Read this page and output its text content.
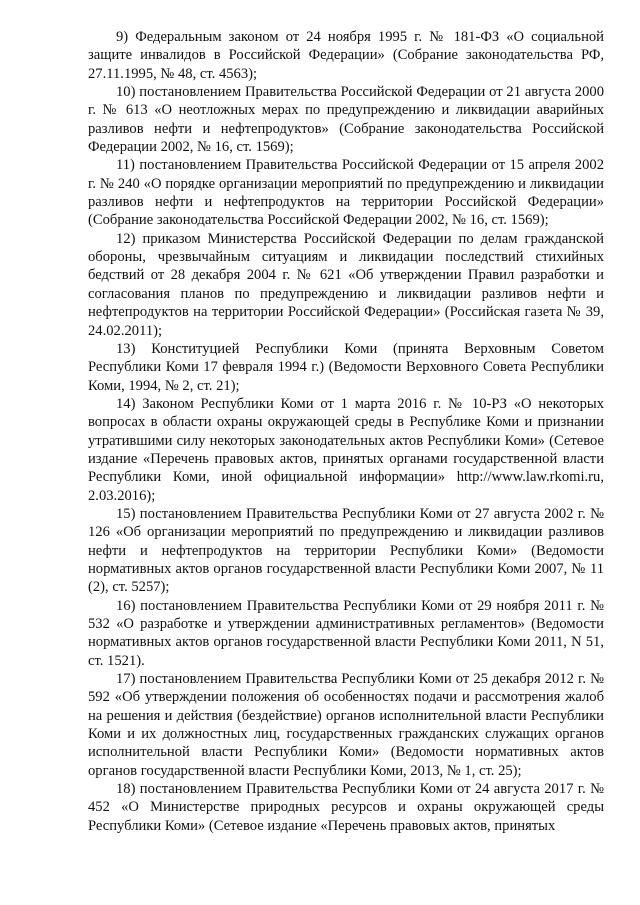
9) Федеральным законом от 24 ноября 1995 г. № 181-ФЗ «О социальной защите инвалидов в Российской Федерации» (Собрание законодательства РФ, 27.11.1995, № 48, ст. 4563);

10) постановлением Правительства Российской Федерации от 21 августа 2000 г. № 613 «О неотложных мерах по предупреждению и ликвидации аварийных разливов нефти и нефтепродуктов» (Собрание законодательства Российской Федерации 2002, № 16, ст. 1569);

11) постановлением Правительства Российской Федерации от 15 апреля 2002 г. № 240 «О порядке организации мероприятий по предупреждению и ликвидации разливов нефти и нефтепродуктов на территории Российской Федерации» (Собрание законодательства Российской Федерации 2002, № 16, ст. 1569);

12) приказом Министерства Российской Федерации по делам гражданской обороны, чрезвычайным ситуациям и ликвидации последствий стихийных бедствий от 28 декабря 2004 г. № 621 «Об утверждении Правил разработки и согласования планов по предупреждению и ликвидации разливов нефти и нефтепродуктов на территории Российской Федерации» (Российская газета № 39, 24.02.2011);

13) Конституцией Республики Коми (принята Верховным Советом Республики Коми 17 февраля 1994 г.) (Ведомости Верховного Совета Республики Коми, 1994, № 2, ст. 21);

14) Законом Республики Коми от 1 марта 2016 г. № 10-РЗ «О некоторых вопросах в области охраны окружающей среды в Республике Коми и признании утратившими силу некоторых законодательных актов Республики Коми» (Сетевое издание «Перечень правовых актов, принятых органами государственной власти Республики Коми, иной официальной информации» http://www.law.rkomi.ru, 2.03.2016);

15) постановлением Правительства Республики Коми от 27 августа 2002 г. № 126 «Об организации мероприятий по предупреждению и ликвидации разливов нефти и нефтепродуктов на территории Республики Коми» (Ведомости нормативных актов органов государственной власти Республики Коми 2007, № 11 (2), ст. 5257);

16) постановлением Правительства Республики Коми от 29 ноября 2011 г. № 532 «О разработке и утверждении административных регламентов» (Ведомости нормативных актов органов государственной власти Республики Коми 2011, N 51, ст. 1521).

17) постановлением Правительства Республики Коми от 25 декабря 2012 г. № 592 «Об утверждении положения об особенностях подачи и рассмотрения жалоб на решения и действия (бездействие) органов исполнительной власти Республики Коми и их должностных лиц, государственных гражданских служащих органов исполнительной власти Республики Коми» (Ведомости нормативных актов органов государственной власти Республики Коми, 2013, № 1, ст. 25);

18) постановлением Правительства Республики Коми от 24 августа 2017 г. № 452 «О Министерстве природных ресурсов и охраны окружающей среды Республики Коми» (Сетевое издание «Перечень правовых актов, принятых
